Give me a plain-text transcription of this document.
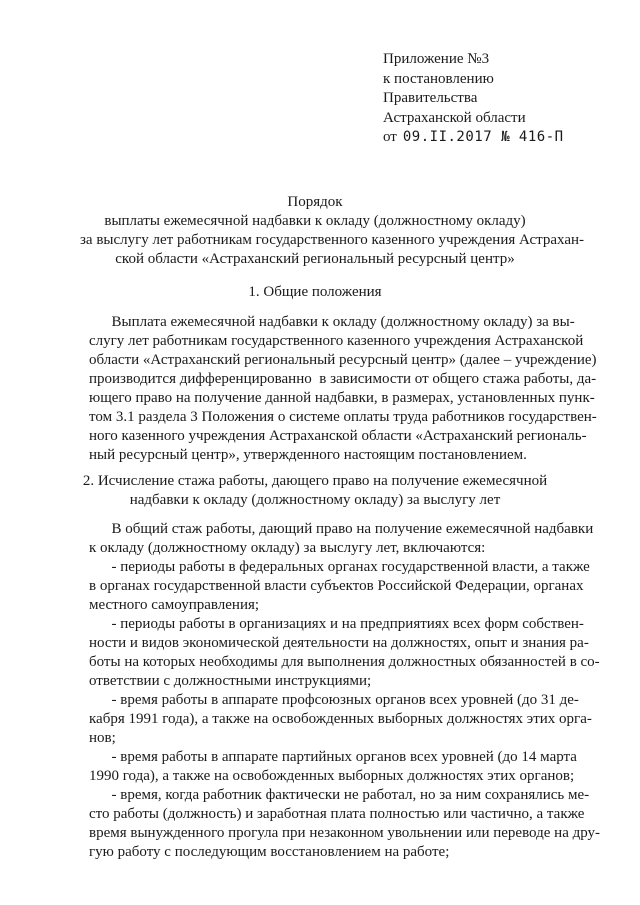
Приложение №3
к постановлению
Правительства
Астраханской области
от 09.II.2017 № 416-П
Порядок
выплаты ежемесячной надбавки к окладу (должностному окладу)
за выслугу лет работникам государственного казенного учреждения Астрахан-
ской области «Астраханский региональный ресурсный центр»
1. Общие положения
Выплата ежемесячной надбавки к окладу (должностному окладу) за вы-
слугу лет работникам государственного казенного учреждения Астраханской
области «Астраханский региональный ресурсный центр» (далее – учреждение)
производится дифференцированно  в зависимости от общего стажа работы, да-
ющего право на получение данной надбавки, в размерах, установленных пунк-
том 3.1 раздела 3 Положения о системе оплаты труда работников государствен-
ного казенного учреждения Астраханской области «Астраханский региональ-
ный ресурсный центр», утвержденного настоящим постановлением.
2. Исчисление стажа работы, дающего право на получение ежемесячной
надбавки к окладу (должностному окладу) за выслугу лет
В общий стаж работы, дающий право на получение ежемесячной надбавки
к окладу (должностному окладу) за выслугу лет, включаются:
- периоды работы в федеральных органах государственной власти, а также
в органах государственной власти субъектов Российской Федерации, органах
местного самоуправления;
- периоды работы в организациях и на предприятиях всех форм собствен-
ности и видов экономической деятельности на должностях, опыт и знания ра-
боты на которых необходимы для выполнения должностных обязанностей в со-
ответствии с должностными инструкциями;
- время работы в аппарате профсоюзных органов всех уровней (до 31 де-
кабря 1991 года), а также на освобожденных выборных должностях этих орга-
нов;
- время работы в аппарате партийных органов всех уровней (до 14 марта
1990 года), а также на освобожденных выборных должностях этих органов;
- время, когда работник фактически не работал, но за ним сохранялись ме-
сто работы (должность) и заработная плата полностью или частично, а также
время вынужденного прогула при незаконном увольнении или переводе на дру-
гую работу с последующим восстановлением на работе;
